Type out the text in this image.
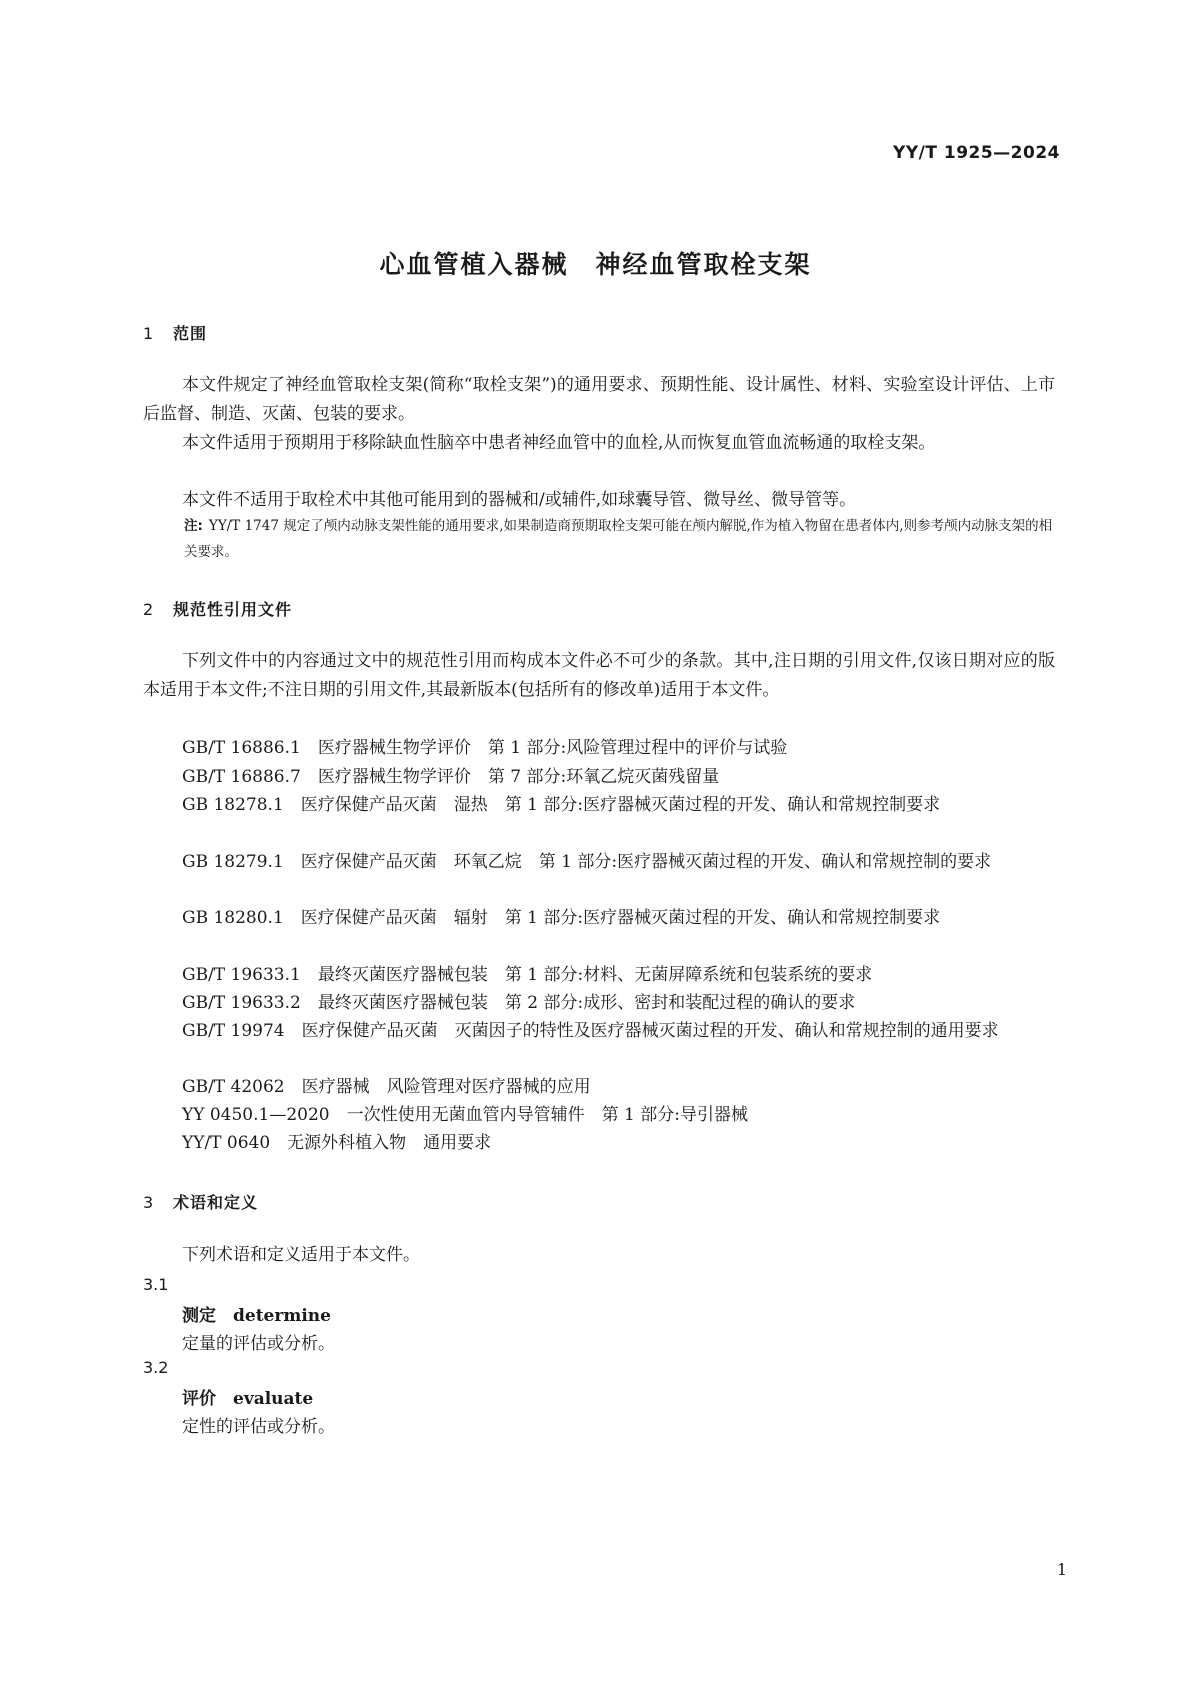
YY/T 1925—2024
心血管植入器械　神经血管取栓支架
1 范围
本文件规定了神经血管取栓支架(简称“取栓支架”)的通用要求、预期性能、设计属性、材料、实验室设计评估、上市后监督、制造、灭菌、包装的要求。
本文件适用于预期用于移除缺血性脑卒中患者神经血管中的血栓,从而恢复血管血流畅通的取栓支架。
本文件不适用于取栓术中其他可能用到的器械和/或辅件,如球囊导管、微导丝、微导管等。
注: YY/T 1747 规定了颅内动脉支架性能的通用要求,如果制造商预期取栓支架可能在颅内解脱,作为植入物留在患者体内,则参考颅内动脉支架的相关要求。
2 规范性引用文件
下列文件中的内容通过文中的规范性引用而构成本文件必不可少的条款。其中,注日期的引用文件,仅该日期对应的版本适用于本文件;不注日期的引用文件,其最新版本(包括所有的修改单)适用于本文件。
GB/T 16886.1　医疗器械生物学评价　第 1 部分:风险管理过程中的评价与试验
GB/T 16886.7　医疗器械生物学评价　第 7 部分:环氧乙烷灭菌残留量
GB 18278.1　医疗保健产品灭菌　湿热　第 1 部分:医疗器械灭菌过程的开发、确认和常规控制要求
GB 18279.1　医疗保健产品灭菌　环氧乙烷　第 1 部分:医疗器械灭菌过程的开发、确认和常规控制的要求
GB 18280.1　医疗保健产品灭菌　辐射　第 1 部分:医疗器械灭菌过程的开发、确认和常规控制要求
GB/T 19633.1　最终灭菌医疗器械包装　第 1 部分:材料、无菌屏障系统和包装系统的要求
GB/T 19633.2　最终灭菌医疗器械包装　第 2 部分:成形、密封和装配过程的确认的要求
GB/T 19974　医疗保健产品灭菌　灭菌因子的特性及医疗器械灭菌过程的开发、确认和常规控制的通用要求
GB/T 42062　医疗器械　风险管理对医疗器械的应用
YY 0450.1—2020　一次性使用无菌血管内导管辅件　第 1 部分:导引器械
YY/T 0640　无源外科植入物　通用要求
3 术语和定义
下列术语和定义适用于本文件。
3.1
测定　 determine
定量的评估或分析。
3.2
评价　 evaluate
定性的评估或分析。
1
